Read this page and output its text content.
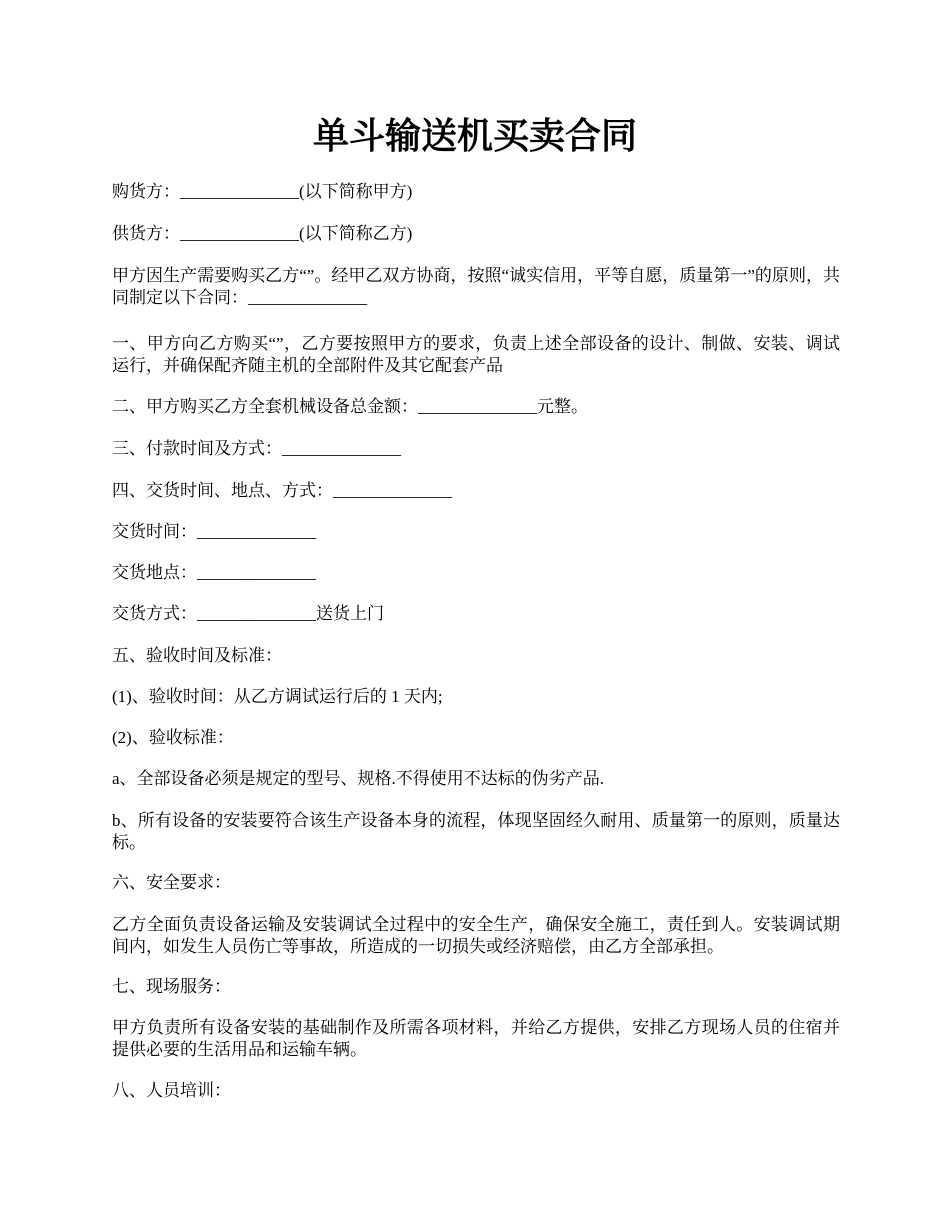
单斗输送机买卖合同

购货方：______________(以下简称甲方)

供货方：______________(以下简称乙方)

甲方因生产需要购买乙方“”。经甲乙双方协商，按照“诚实信用，平等自愿，质量第一”的原则，共同制定以下合同：______________

一、甲方向乙方购买“”，乙方要按照甲方的要求，负责上述全部设备的设计、制做、安装、调试运行，并确保配齐随主机的全部附件及其它配套产品

二、甲方购买乙方全套机械设备总金额：______________元整。

三、付款时间及方式：______________

四、交货时间、地点、方式：______________

交货时间：______________

交货地点：______________

交货方式：______________送货上门

五、验收时间及标准：

(1)、验收时间：从乙方调试运行后的 1 天内;

(2)、验收标准：

a、全部设备必须是规定的型号、规格.不得使用不达标的伪劣产品.

b、所有设备的安装要符合该生产设备本身的流程，体现坚固经久耐用、质量第一的原则，质量达标。

六、安全要求：

乙方全面负责设备运输及安装调试全过程中的安全生产，确保安全施工，责任到人。安装调试期间内，如发生人员伤亡等事故，所造成的一切损失或经济赔偿，由乙方全部承担。

七、现场服务：

甲方负责所有设备安装的基础制作及所需各项材料，并给乙方提供，安排乙方现场人员的住宿并提供必要的生活用品和运输车辆。

八、人员培训：
